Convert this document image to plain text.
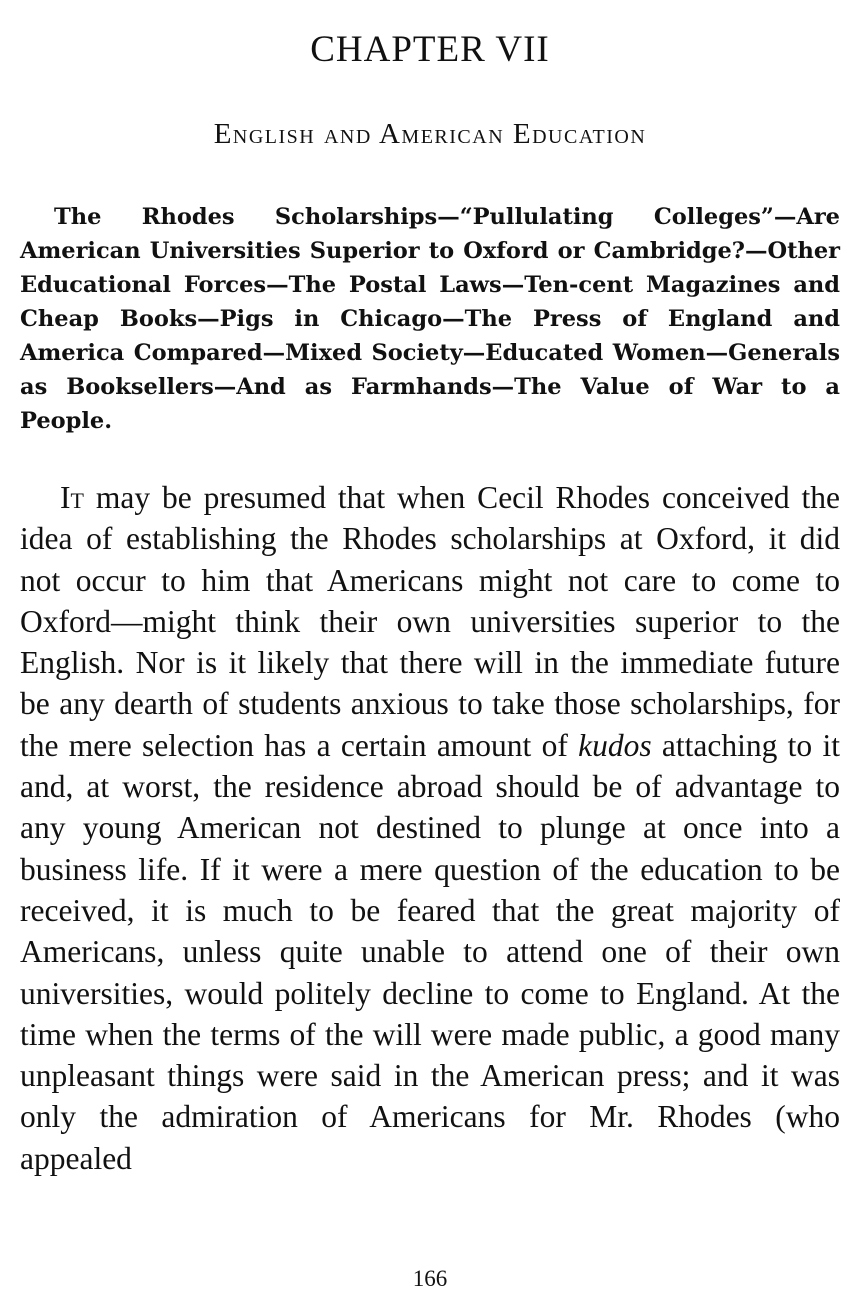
CHAPTER VII
English and American Education

The Rhodes Scholarships—“Pullulating Colleges”—Are American Universities Superior to Oxford or Cambridge?—Other Educational Forces—The Postal Laws—Ten-cent Magazines and Cheap Books—Pigs in Chicago—The Press of England and America Compared—Mixed Society—Educated Women—Generals as Booksellers—And as Farmhands—The Value of War to a People.

It may be presumed that when Cecil Rhodes conceived the idea of establishing the Rhodes scholarships at Oxford, it did not occur to him that Americans might not care to come to Oxford—might think their own universities superior to the English. Nor is it likely that there will in the immediate future be any dearth of students anxious to take those scholarships, for the mere selection has a certain amount of kudos attaching to it and, at worst, the residence abroad should be of advantage to any young American not destined to plunge at once into a business life. If it were a mere question of the education to be received, it is much to be feared that the great majority of Americans, unless quite unable to attend one of their own universities, would politely decline to come to England. At the time when the terms of the will were made public, a good many unpleasant things were said in the American press; and it was only the admiration of Americans for Mr. Rhodes (who appealed

166
